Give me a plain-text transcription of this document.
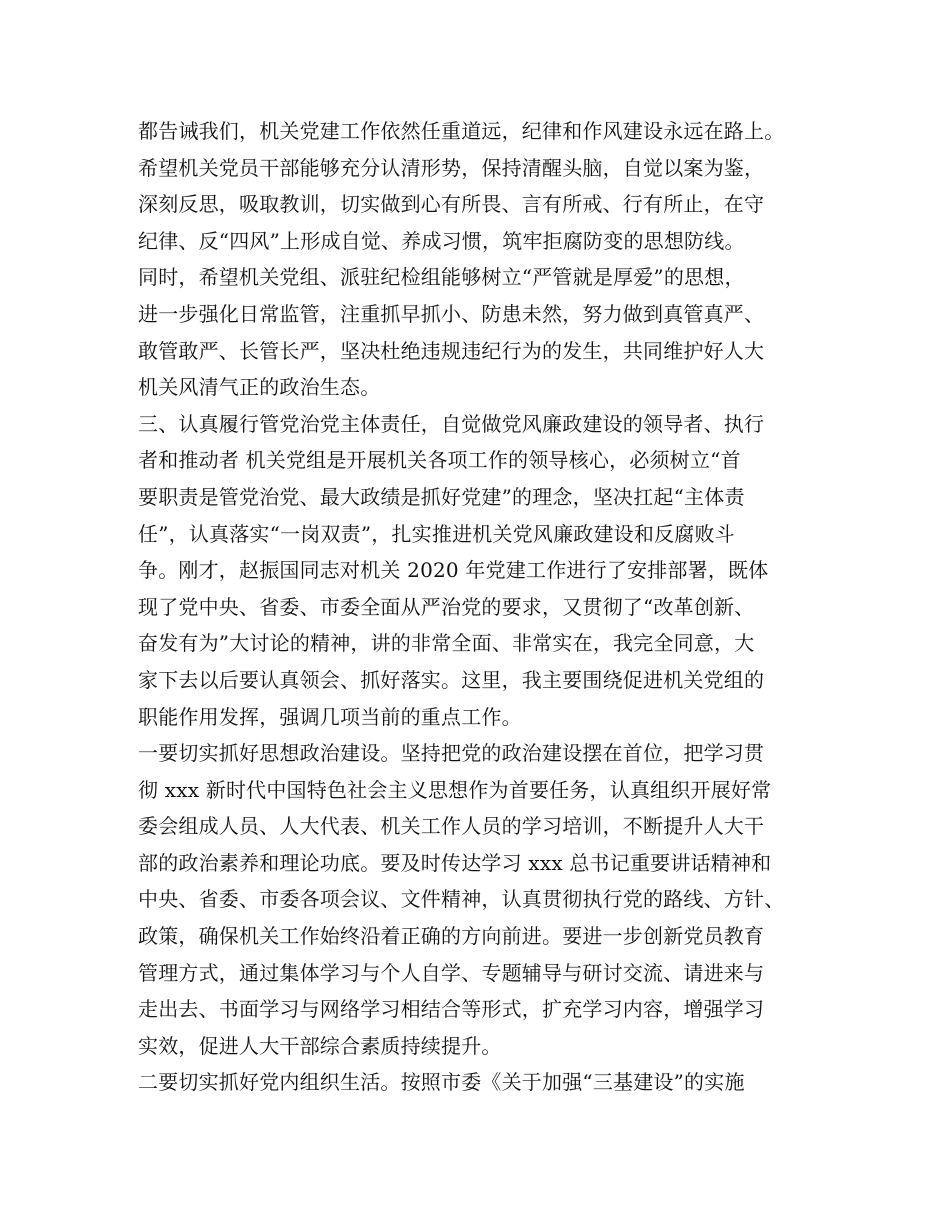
都告诫我们，机关党建工作依然任重道远，纪律和作风建设永远在路上。
希望机关党员干部能够充分认清形势，保持清醒头脑，自觉以案为鉴，
深刻反思，吸取教训，切实做到心有所畏、言有所戒、行有所止，在守
纪律、反“四风”上形成自觉、养成习惯，筑牢拒腐防变的思想防线。
同时，希望机关党组、派驻纪检组能够树立“严管就是厚爱”的思想，
进一步强化日常监管，注重抓早抓小、防患未然，努力做到真管真严、
敢管敢严、长管长严，坚决杜绝违规违纪行为的发生，共同维护好人大
机关风清气正的政治生态。
三、认真履行管党治党主体责任，自觉做党风廉政建设的领导者、执行
者和推动者 机关党组是开展机关各项工作的领导核心，必须树立“首
要职责是管党治党、最大政绩是抓好党建”的理念，坚决扛起“主体责
任”，认真落实“一岗双责”，扎实推进机关党风廉政建设和反腐败斗
争。刚才，赵振国同志对机关 2020 年党建工作进行了安排部署，既体
现了党中央、省委、市委全面从严治党的要求，又贯彻了“改革创新、
奋发有为”大讨论的精神，讲的非常全面、非常实在，我完全同意，大
家下去以后要认真领会、抓好落实。这里，我主要围绕促进机关党组的
职能作用发挥，强调几项当前的重点工作。
一要切实抓好思想政治建设。坚持把党的政治建设摆在首位，把学习贯
彻 xxx 新时代中国特色社会主义思想作为首要任务，认真组织开展好常
委会组成人员、人大代表、机关工作人员的学习培训，不断提升人大干
部的政治素养和理论功底。要及时传达学习 xxx 总书记重要讲话精神和
中央、省委、市委各项会议、文件精神，认真贯彻执行党的路线、方针、
政策，确保机关工作始终沿着正确的方向前进。要进一步创新党员教育
管理方式，通过集体学习与个人自学、专题辅导与研讨交流、请进来与
走出去、书面学习与网络学习相结合等形式，扩充学习内容，增强学习
实效，促进人大干部综合素质持续提升。
二要切实抓好党内组织生活。按照市委《关于加强“三基建设”的实施
